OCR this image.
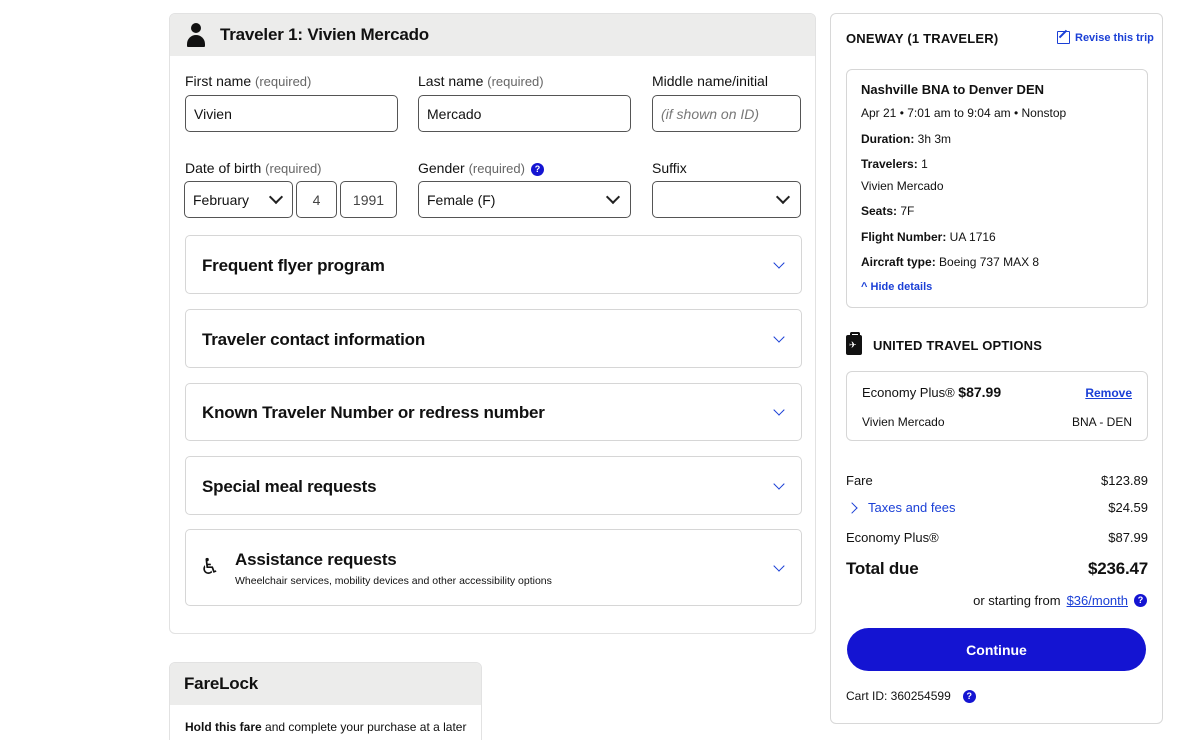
Traveler 1: Vivien Mercado
First name (required)	Last name (required)	Middle name/initial
Vivien	Mercado	(if shown on ID)
Date of birth (required)	Gender (required) ?	Suffix
February	4	1991	Female (F)
Frequent flyer program
Traveler contact information
Known Traveler Number or redress number
Special meal requests
♿ Assistance requests
Wheelchair services, mobility devices and other accessibility options
FareLock
Hold this fare and complete your purchase at a later
ONEWAY (1 TRAVELER)	Revise this trip
Nashville BNA to Denver DEN
Apr 21 • 7:01 am to 9:04 am • Nonstop
Duration: 3h 3m
Travelers: 1
Vivien Mercado
Seats: 7F
Flight Number: UA 1716
Aircraft type: Boeing 737 MAX 8
^ Hide details
✈
UNITED TRAVEL OPTIONS
Economy Plus® $87.99	Remove
Vivien Mercado	BNA - DEN
Fare	$123.89
Taxes and fees	$24.59
Economy Plus®	$87.99
Total due	$236.47
or starting from $36/month	?
Continue
Cart ID: 360254599	?
